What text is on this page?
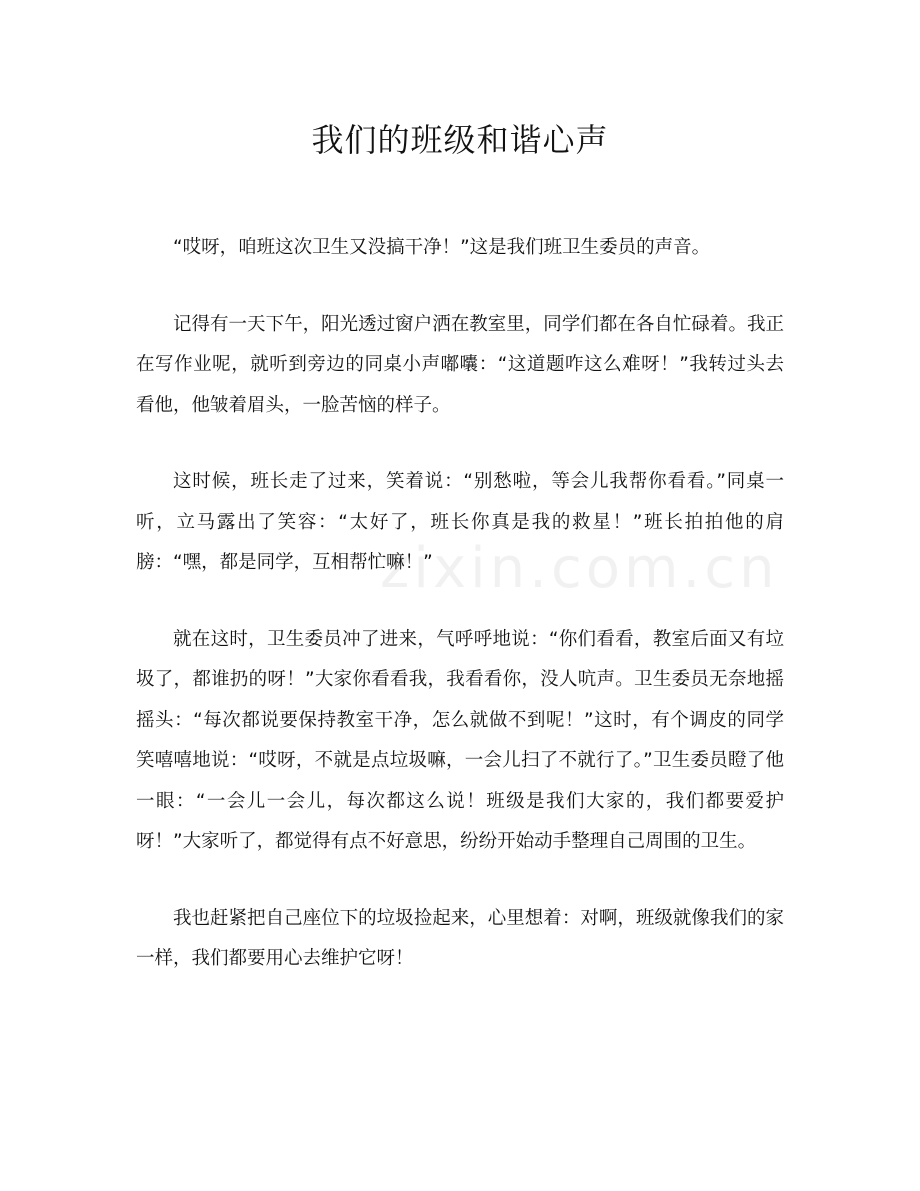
zixin.com.cn
我们的班级和谐心声

“哎呀，咱班这次卫生又没搞干净！”这是我们班卫生委员的声音。

记得有一天下午，阳光透过窗户洒在教室里，同学们都在各自忙碌着。我正在写作业呢，就听到旁边的同桌小声嘟囔：“这道题咋这么难呀！”我转过头去看他，他皱着眉头，一脸苦恼的样子。

这时候，班长走了过来，笑着说：“别愁啦，等会儿我帮你看看。”同桌一听，立马露出了笑容：“太好了，班长你真是我的救星！”班长拍拍他的肩膀：“嘿，都是同学，互相帮忙嘛！”

就在这时，卫生委员冲了进来，气呼呼地说：“你们看看，教室后面又有垃圾了，都谁扔的呀！”大家你看看我，我看看你，没人吭声。卫生委员无奈地摇摇头：“每次都说要保持教室干净，怎么就做不到呢！”这时，有个调皮的同学笑嘻嘻地说：“哎呀，不就是点垃圾嘛，一会儿扫了不就行了。”卫生委员瞪了他一眼：“一会儿一会儿，每次都这么说！班级是我们大家的，我们都要爱护呀！”大家听了，都觉得有点不好意思，纷纷开始动手整理自己周围的卫生。

我也赶紧把自己座位下的垃圾捡起来，心里想着：对啊，班级就像我们的家一样，我们都要用心去维护它呀！
